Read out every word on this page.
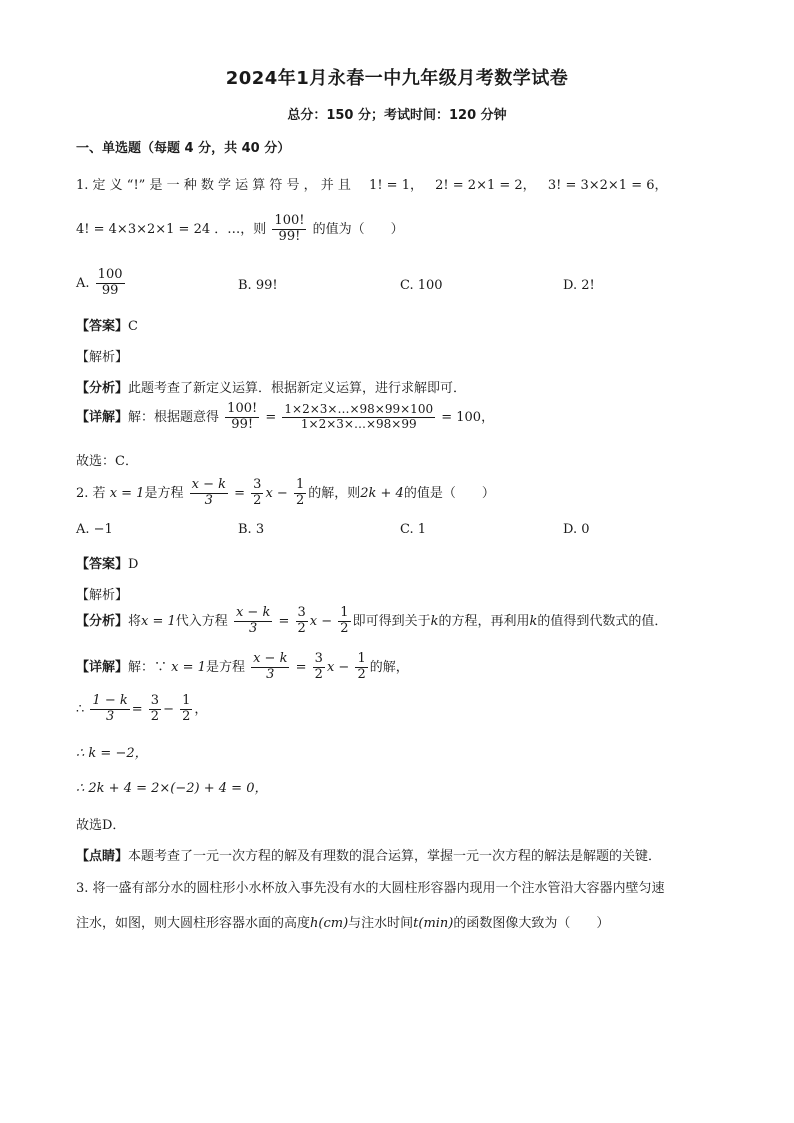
2024年1月永春一中九年级月考数学试卷
总分：150 分；考试时间：120 分钟
一、单选题（每题 4 分，共 40 分）
1. 定 义 “!” 是 一 种 数 学 运 算 符 号 ， 并 且 1! = 1， 2! = 2×1 = 2， 3! = 3×2×1 = 6，
4! = 4×3×2×1 = 24 ．…，则 $\frac{100!}{99!}$ 的值为（　　）
A. $\frac{100}{99}$	B. 99!	C. 100	D. 2!
【答案】C
【解析】
【分析】此题考查了新定义运算．根据新定义运算，进行求解即可．
【详解】解：根据题意得 $\frac{100!}{99!} = \frac{1\times 2\times 3\times\dots\times 98\times 99\times 100}{1\times 2\times 3\times\dots\times 98\times 99} = 100$，
故选：C．
2. 若 x = 1是方程 $\frac{x - k}{3} = \frac{3}{2}$ $x - \frac{1}{2}$ 的解，则2k + 4的值是（　　）
A. −1	B. 3	C. 1	D. 0
【答案】D
【解析】
【分析】将x = 1代入方程 $\frac{x - k}{3} = \frac{3}{2}$ $x - \frac{1}{2}$ 即可得到关于k的方程，再利用k的值得到代数式的值．
【详解】解：∵ x = 1是方程 $\frac{x - k}{3} = \frac{3}{2}$ $x - \frac{1}{2}$ 的解，
∴ $\frac{1 - k}{3} = \frac{3}{2} - \frac{1}{2}$ ，
∴ k = −2，
∴ 2k + 4 = 2×(−2) + 4 = 0，
故选D．
【点睛】本题考查了一元一次方程的解及有理数的混合运算，掌握一元一次方程的解法是解题的关键．
3. 将一盛有部分水的圆柱形小水杯放入事先没有水的大圆柱形容器内现用一个注水管沿大容器内壁匀速
注水，如图，则大圆柱形容器水面的高度h(cm)与注水时间t(min)的函数图像大致为（　　）
